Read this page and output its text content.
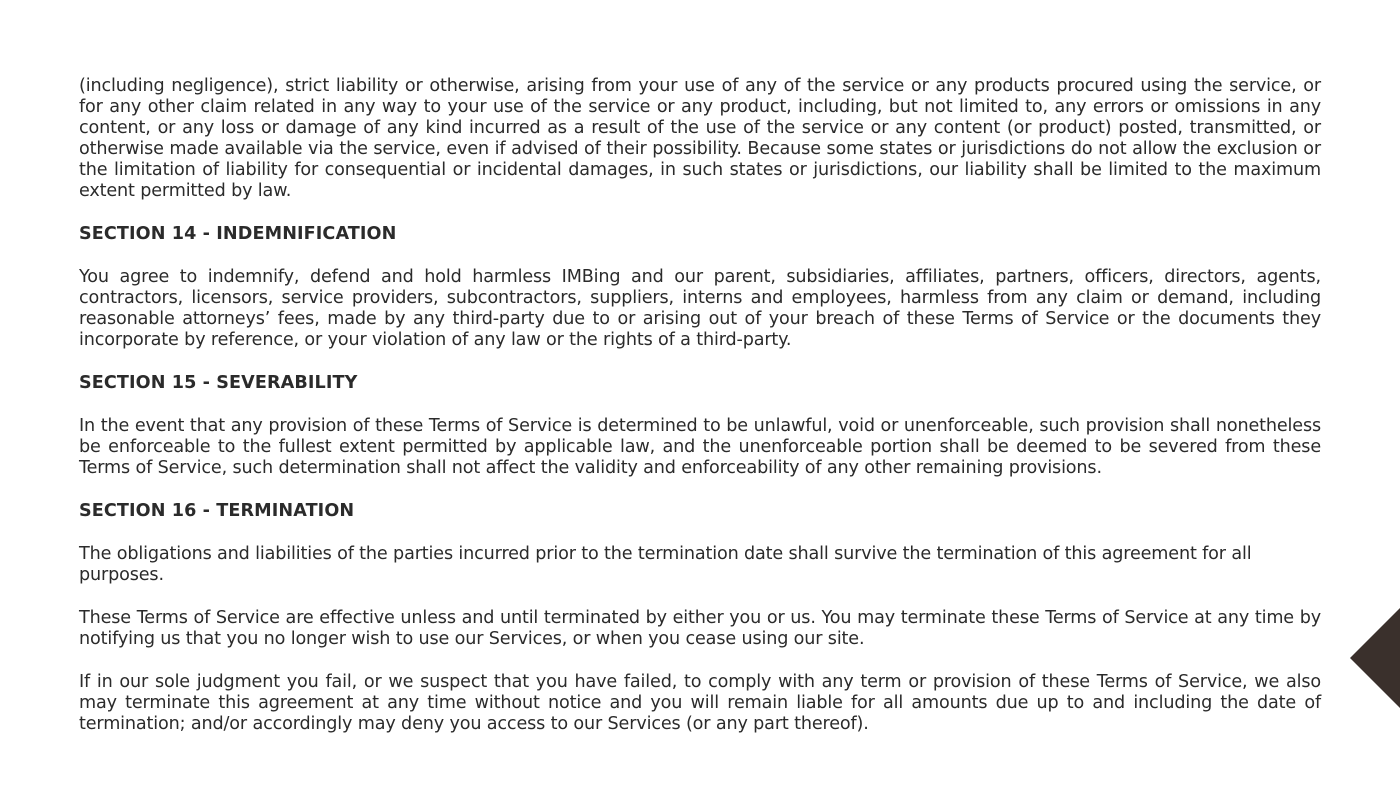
(including negligence), strict liability or otherwise, arising from your use of any of the service or any products procured using the service, or for any other claim related in any way to your use of the service or any product, including, but not limited to, any errors or omissions in any content, or any loss or damage of any kind incurred as a result of the use of the service or any content (or product) posted, transmitted, or otherwise made available via the service, even if advised of their possibility. Because some states or jurisdictions do not allow the exclusion or the limitation of liability for consequential or incidental damages, in such states or jurisdictions, our liability shall be limited to the maximum extent permitted by law.

SECTION 14 - INDEMNIFICATION

You agree to indemnify, defend and hold harmless IMBing and our parent, subsidiaries, affiliates, partners, officers, directors, agents, contractors, licensors, service providers, subcontractors, suppliers, interns and employees, harmless from any claim or demand, including reasonable attorneys’ fees, made by any third-party due to or arising out of your breach of these Terms of Service or the documents they incorporate by reference, or your violation of any law or the rights of a third-party.

SECTION 15 - SEVERABILITY

In the event that any provision of these Terms of Service is determined to be unlawful, void or unenforceable, such provision shall nonetheless be enforceable to the fullest extent permitted by applicable law, and the unenforceable portion shall be deemed to be severed from these Terms of Service, such determination shall not affect the validity and enforceability of any other remaining provisions.

SECTION 16 - TERMINATION

The obligations and liabilities of the parties incurred prior to the termination date shall survive the termination of this agreement for all purposes.

These Terms of Service are effective unless and until terminated by either you or us. You may terminate these Terms of Service at any time by notifying us that you no longer wish to use our Services, or when you cease using our site.

If in our sole judgment you fail, or we suspect that you have failed, to comply with any term or provision of these Terms of Service, we also may terminate this agreement at any time without notice and you will remain liable for all amounts due up to and including the date of termination; and/or accordingly may deny you access to our Services (or any part thereof).
